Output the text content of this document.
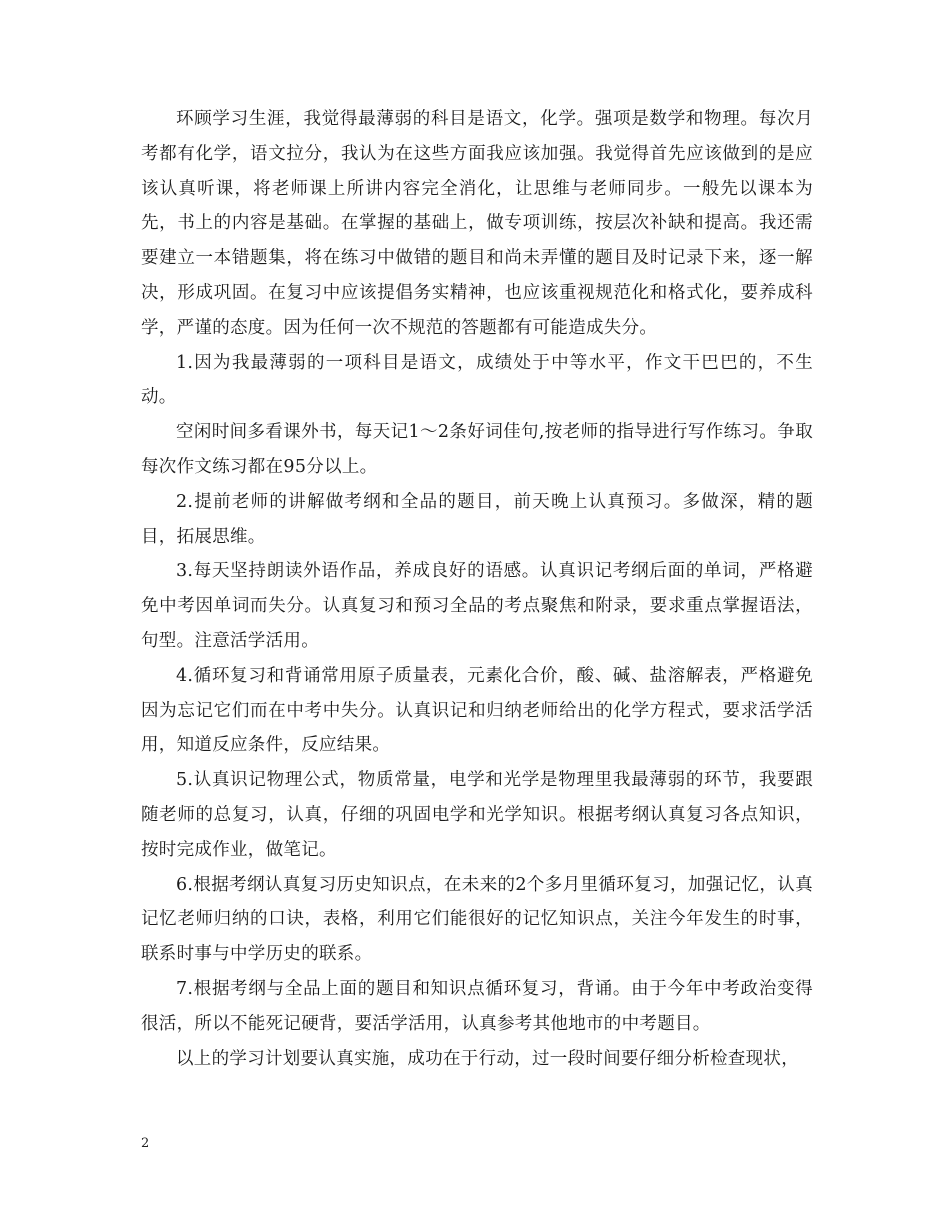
环顾学习生涯，我觉得最薄弱的科目是语文，化学。强项是数学和物理。每次月考都有化学，语文拉分，我认为在这些方面我应该加强。我觉得首先应该做到的是应该认真听课，将老师课上所讲内容完全消化，让思维与老师同步。一般先以课本为先，书上的内容是基础。在掌握的基础上，做专项训练，按层次补缺和提高。我还需要建立一本错题集，将在练习中做错的题目和尚未弄懂的题目及时记录下来，逐一解决，形成巩固。在复习中应该提倡务实精神，也应该重视规范化和格式化，要养成科学，严谨的态度。因为任何一次不规范的答题都有可能造成失分。

1.因为我最薄弱的一项科目是语文，成绩处于中等水平，作文干巴巴的，不生动。

空闲时间多看课外书，每天记1～2条好词佳句,按老师的指导进行写作练习。争取每次作文练习都在95分以上。

2.提前老师的讲解做考纲和全品的题目，前天晚上认真预习。多做深，精的题目，拓展思维。

3.每天坚持朗读外语作品，养成良好的语感。认真识记考纲后面的单词，严格避免中考因单词而失分。认真复习和预习全品的考点聚焦和附录，要求重点掌握语法，句型。注意活学活用。

4.循环复习和背诵常用原子质量表，元素化合价，酸、碱、盐溶解表，严格避免因为忘记它们而在中考中失分。认真识记和归纳老师给出的化学方程式，要求活学活用，知道反应条件，反应结果。

5.认真识记物理公式，物质常量，电学和光学是物理里我最薄弱的环节，我要跟随老师的总复习，认真，仔细的巩固电学和光学知识。根据考纲认真复习各点知识，按时完成作业，做笔记。

6.根据考纲认真复习历史知识点，在未来的2个多月里循环复习，加强记忆，认真记忆老师归纳的口诀，表格，利用它们能很好的记忆知识点，关注今年发生的时事，联系时事与中学历史的联系。

7.根据考纲与全品上面的题目和知识点循环复习，背诵。由于今年中考政治变得很活，所以不能死记硬背，要活学活用，认真参考其他地市的中考题目。

以上的学习计划要认真实施，成功在于行动，过一段时间要仔细分析检查现状，

2
